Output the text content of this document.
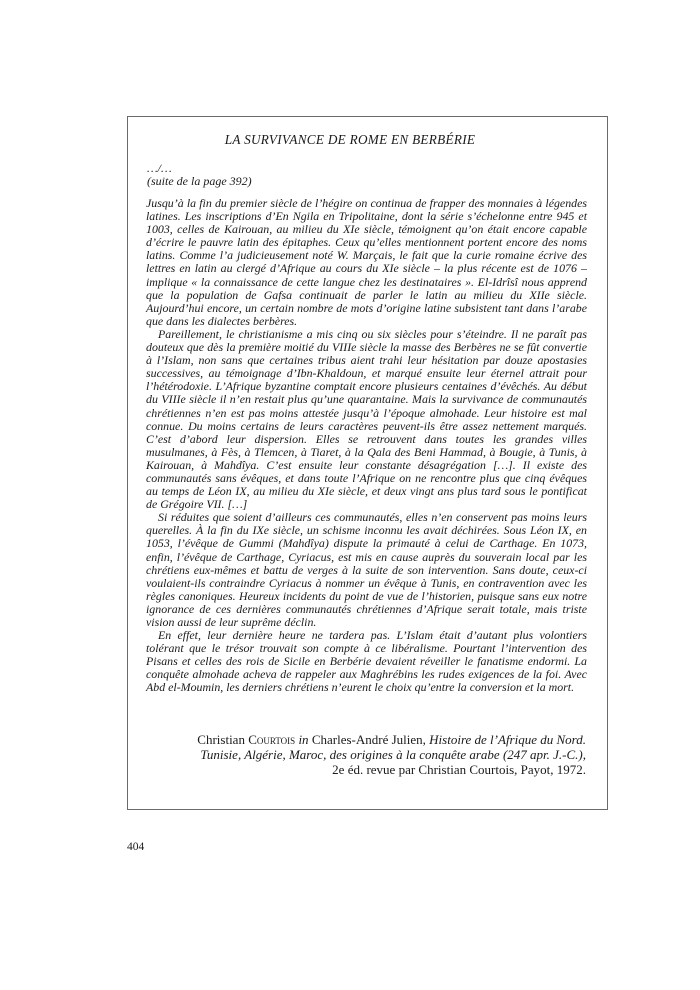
LA SURVIVANCE DE ROME EN BERBÉRIE
…/…
(suite de la page 392)

Jusqu’à la fin du premier siècle de l’hégire on continua de frapper des monnaies à légendes latines. Les inscriptions d’En Ngila en Tripolitaine, dont la série s’échelonne entre 945 et 1003, celles de Kairouan, au milieu du XIe siècle, témoignent qu’on était encore capable d’écrire le pauvre latin des épitaphes. Ceux qu’elles mentionnent portent encore des noms latins. Comme l’a judicieusement noté W. Marçais, le fait que la curie romaine écrive des lettres en latin au clergé d’Afrique au cours du XIe siècle – la plus récente est de 1076 – implique « la connaissance de cette langue chez les destinataires ». El-Idrîsî nous apprend que la population de Gafsa continuait de parler le latin au milieu du XIIe siècle. Aujourd’hui encore, un certain nombre de mots d’origine latine subsistent tant dans l’arabe que dans les dialectes berbères.

Pareillement, le christianisme a mis cinq ou six siècles pour s’éteindre. Il ne paraît pas douteux que dès la première moitié du VIIIe siècle la masse des Berbères ne se fût convertie à l’Islam, non sans que certaines tribus aient trahi leur hésitation par douze apostasies successives, au témoignage d’Ibn-Khaldoun, et marqué ensuite leur éternel attrait pour l’hétérodoxie. L’Afrique byzantine comptait encore plusieurs centaines d’évêchés. Au début du VIIIe siècle il n’en restait plus qu’une quarantaine. Mais la survivance de communautés chrétiennes n’en est pas moins attestée jusqu’à l’époque almohade. Leur histoire est mal connue. Du moins certains de leurs caractères peuvent-ils être assez nettement marqués. C’est d’abord leur dispersion. Elles se retrouvent dans toutes les grandes villes musulmanes, à Fès, à Tlemcen, à Tiaret, à la Qala des Beni Hammad, à Bougie, à Tunis, à Kairouan, à Mahdîya. C’est ensuite leur constante désagrégation […]. Il existe des communautés sans évêques, et dans toute l’Afrique on ne rencontre plus que cinq évêques au temps de Léon IX, au milieu du XIe siècle, et deux vingt ans plus tard sous le pontificat de Grégoire VII. […]

Si réduites que soient d’ailleurs ces communautés, elles n’en conservent pas moins leurs querelles. À la fin du IXe siècle, un schisme inconnu les avait déchirées. Sous Léon IX, en 1053, l’évêque de Gummi (Mahdîya) dispute la primauté à celui de Carthage. En 1073, enfin, l’évêque de Carthage, Cyriacus, est mis en cause auprès du souverain local par les chrétiens eux-mêmes et battu de verges à la suite de son intervention. Sans doute, ceux-ci voulaient-ils contraindre Cyriacus à nommer un évêque à Tunis, en contravention avec les règles canoniques. Heureux incidents du point de vue de l’historien, puisque sans eux notre ignorance de ces dernières communautés chrétiennes d’Afrique serait totale, mais triste vision aussi de leur suprême déclin.

En effet, leur dernière heure ne tardera pas. L’Islam était d’autant plus volontiers tolérant que le trésor trouvait son compte à ce libéralisme. Pourtant l’intervention des Pisans et celles des rois de Sicile en Berbérie devaient réveiller le fanatisme endormi. La conquête almohade acheva de rappeler aux Maghrébins les rudes exigences de la foi. Avec Abd el-Moumin, les derniers chrétiens n’eurent le choix qu’entre la conversion et la mort.

Christian Courtois in Charles-André Julien, Histoire de l’Afrique du Nord.
Tunisie, Algérie, Maroc, des origines à la conquête arabe (247 apr. J.-C.),
2e éd. revue par Christian Courtois, Payot, 1972.
404
